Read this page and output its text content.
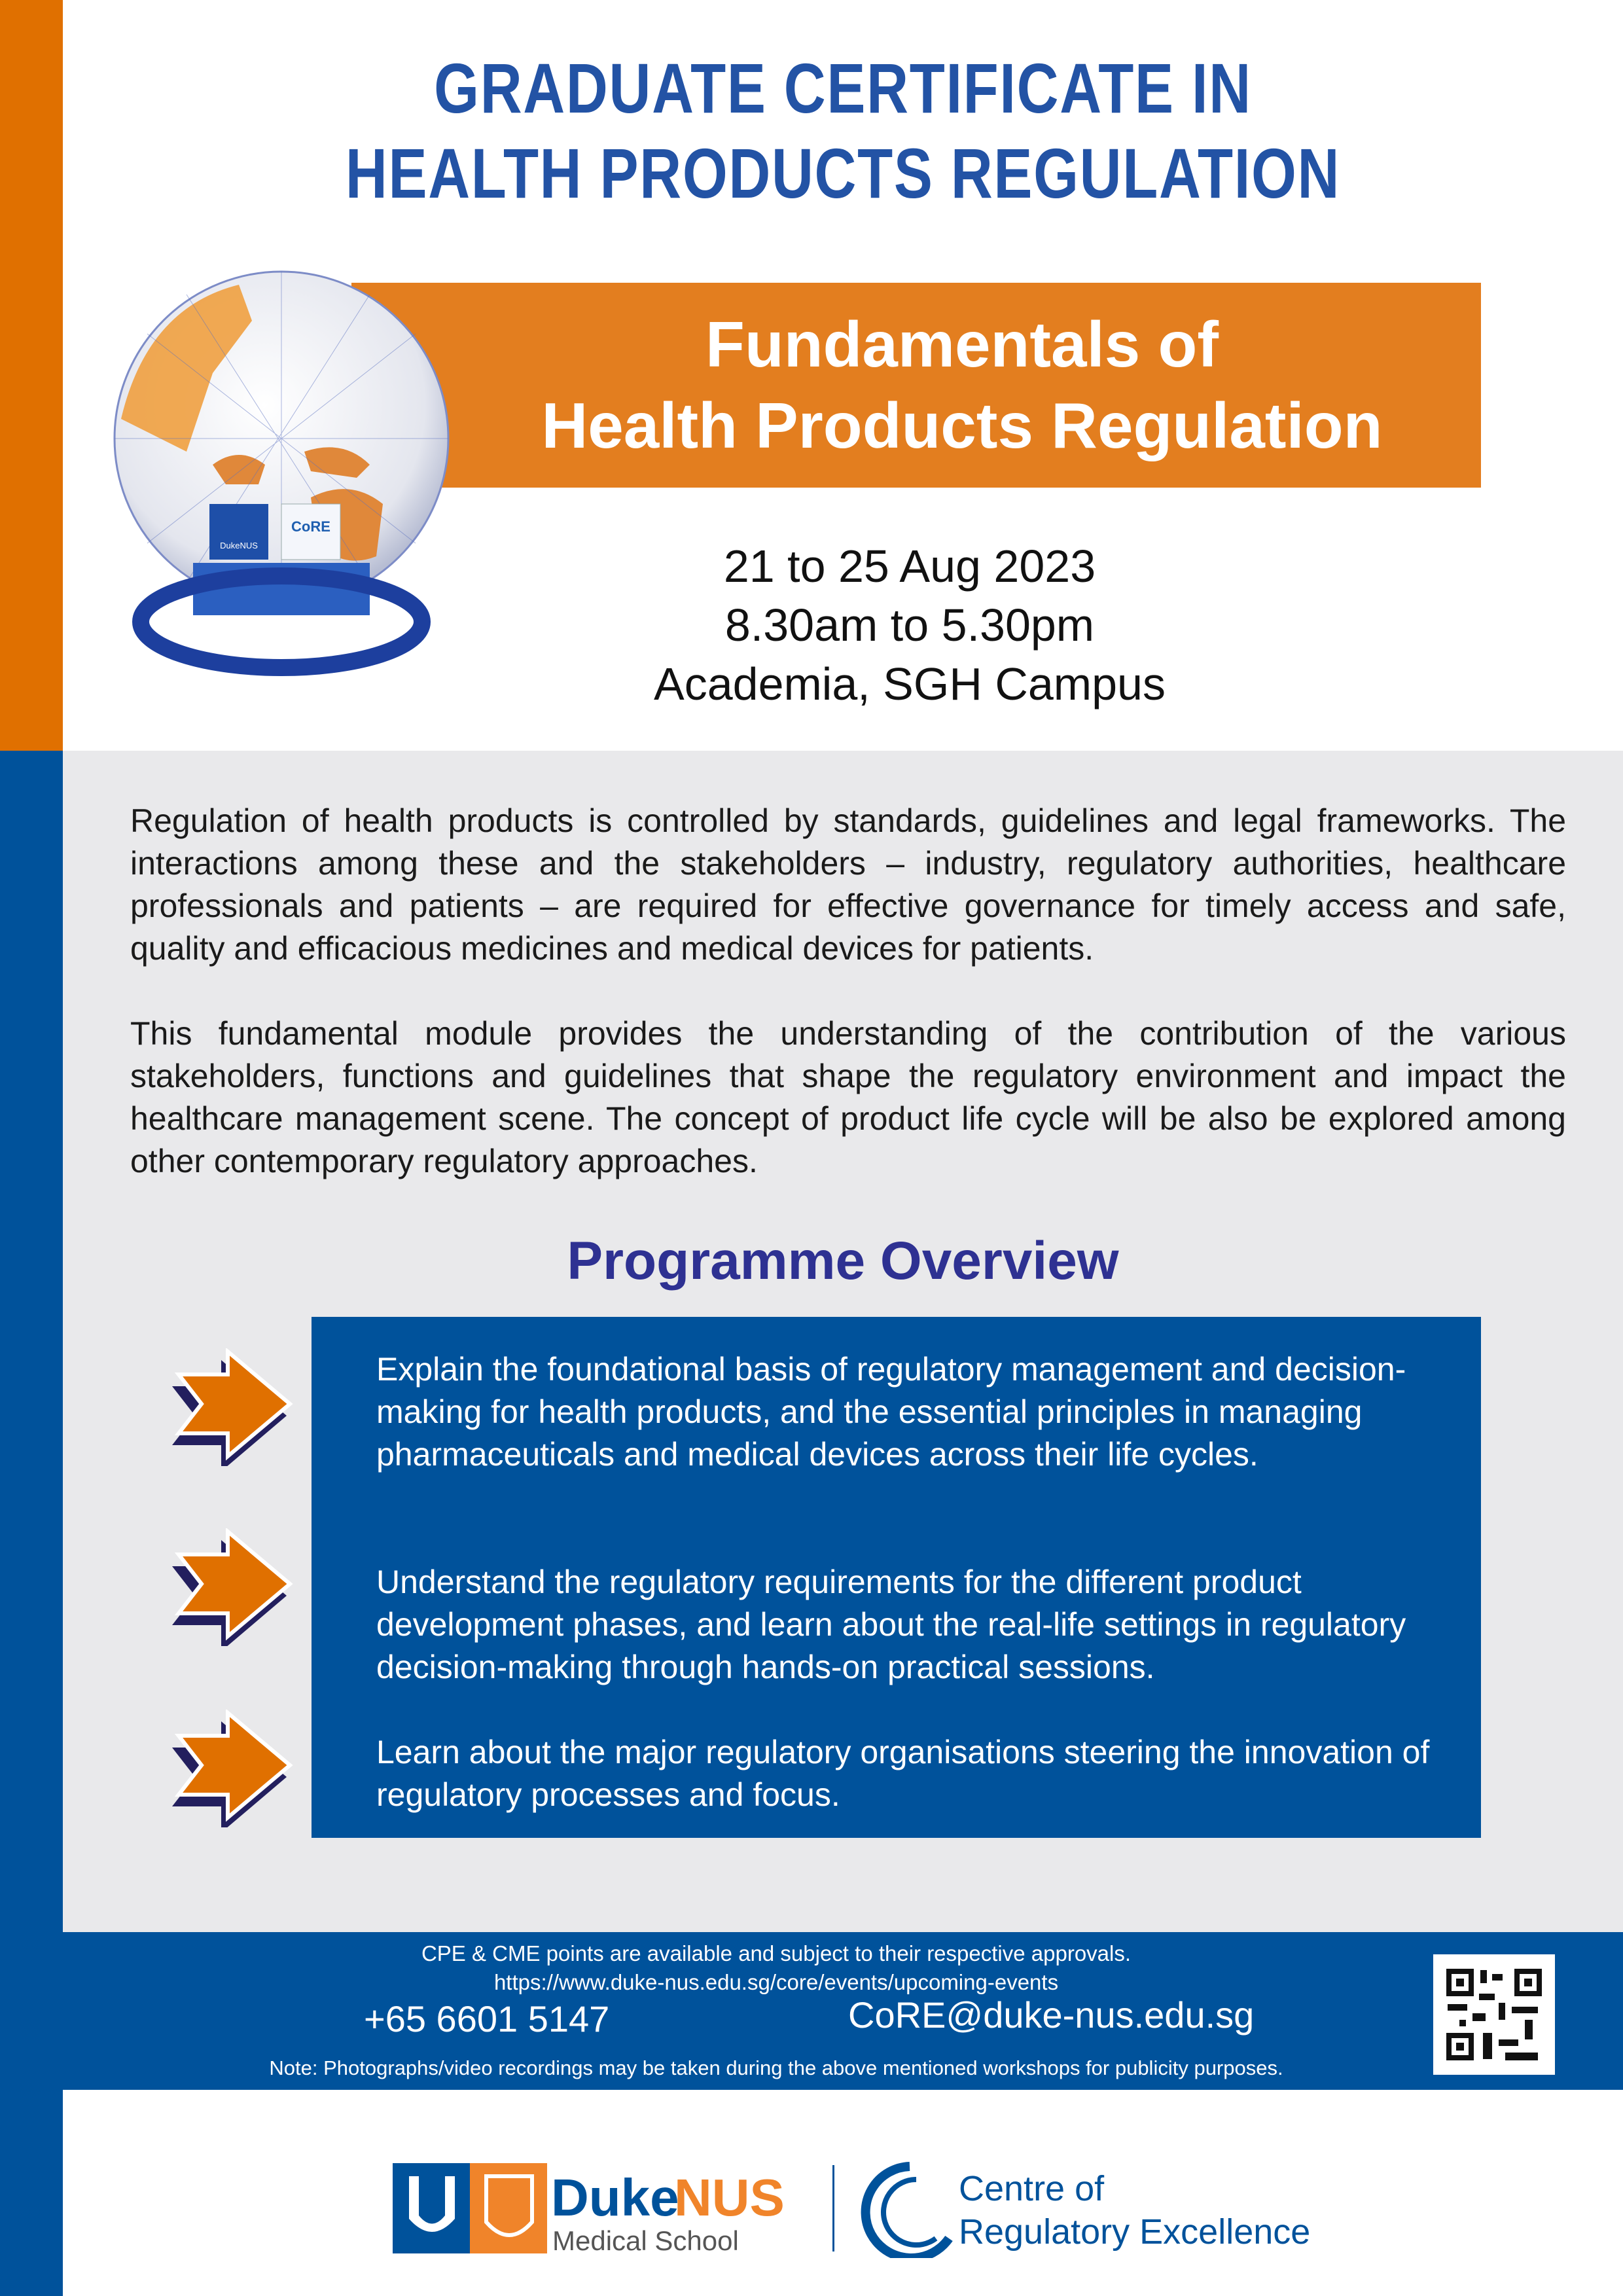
GRADUATE CERTIFICATE IN
HEALTH PRODUCTS REGULATION
Fundamentals of
Health Products Regulation
DukeNUS
CoRE
21 to 25 Aug 2023
8.30am to 5.30pm
Academia, SGH Campus

Regulation of health products is controlled by standards, guidelines and legal frameworks. The interactions among these and the stakeholders – industry, regulatory authorities, healthcare professionals and patients – are required for effective governance for timely access and safe, quality and efficacious medicines and medical devices for patients.

This fundamental module provides the understanding of the contribution of the various stakeholders, functions and guidelines that shape the regulatory environment and impact the healthcare management scene. The concept of product life cycle will be also be explored among other contemporary regulatory approaches.

Programme Overview

Explain the foundational basis of regulatory management and decision-making for health products, and the essential principles in managing pharmaceuticals and medical devices across their life cycles.

Understand the regulatory requirements for the different product development phases, and learn about the real-life settings in regulatory decision-making through hands-on practical sessions.

Learn about the major regulatory organisations steering the innovation of regulatory processes and focus.

CPE & CME points are available and subject to their respective approvals.
https://www.duke-nus.edu.sg/core/events/upcoming-events
+65 6601 5147	CoRE@duke-nus.edu.sg
Note: Photographs/video recordings may be taken during the above mentioned workshops for publicity purposes.
Duke
NUS
Medical School
Centre of
Regulatory Excellence
